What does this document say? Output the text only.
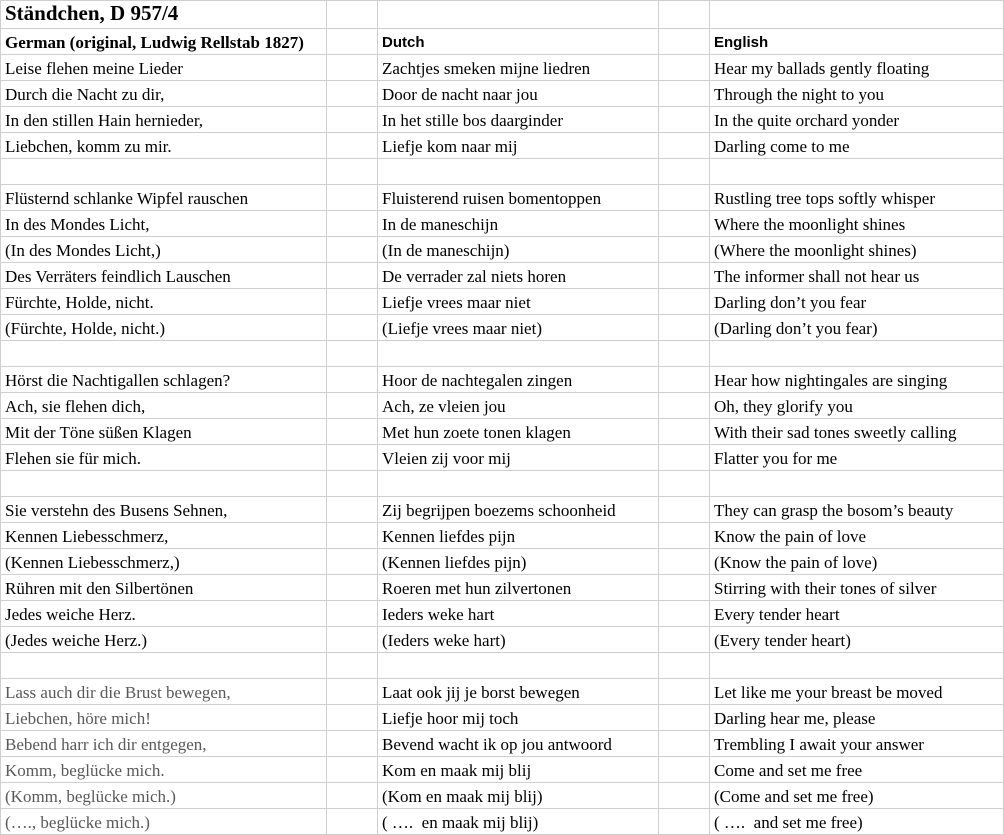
Ständchen, D 957/4
German (original, Ludwig Rellstab 1827)	Dutch	English
Leise flehen meine Lieder	Zachtjes smeken mijne liedren	Hear my ballads gently floating
Durch die Nacht zu dir,	Door de nacht naar jou	Through the night to you
In den stillen Hain hernieder,	In het stille bos daarginder	In the quite orchard yonder
Liebchen, komm zu mir.	Liefje kom naar mij	Darling come to me
Flüsternd schlanke Wipfel rauschen	Fluisterend ruisen bomentoppen	Rustling tree tops softly whisper
In des Mondes Licht,	In de maneschijn	Where the moonlight shines
(In des Mondes Licht,)	(In de maneschijn)	(Where the moonlight shines)
Des Verräters feindlich Lauschen	De verrader zal niets horen	The informer shall not hear us
Fürchte, Holde, nicht.	Liefje vrees maar niet	Darling don’t you fear
(Fürchte, Holde, nicht.)	(Liefje vrees maar niet)	(Darling don’t you fear)
Hörst die Nachtigallen schlagen?	Hoor de nachtegalen zingen	Hear how nightingales are singing
Ach, sie flehen dich,	Ach, ze vleien jou	Oh, they glorify you
Mit der Töne süßen Klagen	Met hun zoete tonen klagen	With their sad tones sweetly calling
Flehen sie für mich.	Vleien zij voor mij	Flatter you for me
Sie verstehn des Busens Sehnen,	Zij begrijpen boezems schoonheid	They can grasp the bosom’s beauty
Kennen Liebesschmerz,	Kennen liefdes pijn	Know the pain of love
(Kennen Liebesschmerz,)	(Kennen liefdes pijn)	(Know the pain of love)
Rühren mit den Silbertönen	Roeren met hun zilvertonen	Stirring with their tones of silver
Jedes weiche Herz.	Ieders weke hart	Every tender heart
(Jedes weiche Herz.)	(Ieders weke hart)	(Every tender heart)
Lass auch dir die Brust bewegen,	Laat ook jij je borst bewegen	Let like me your breast be moved
Liebchen, höre mich!	Liefje hoor mij toch	Darling hear me, please
Bebend harr ich dir entgegen,	Bevend wacht ik op jou antwoord	Trembling I await your answer
Komm, beglücke mich.	Kom en maak mij blij	Come and set me free
(Komm, beglücke mich.)	(Kom en maak mij blij)	(Come and set me free)
(…., beglücke mich.)	( ….  en maak mij blij)	( ….  and set me free)
